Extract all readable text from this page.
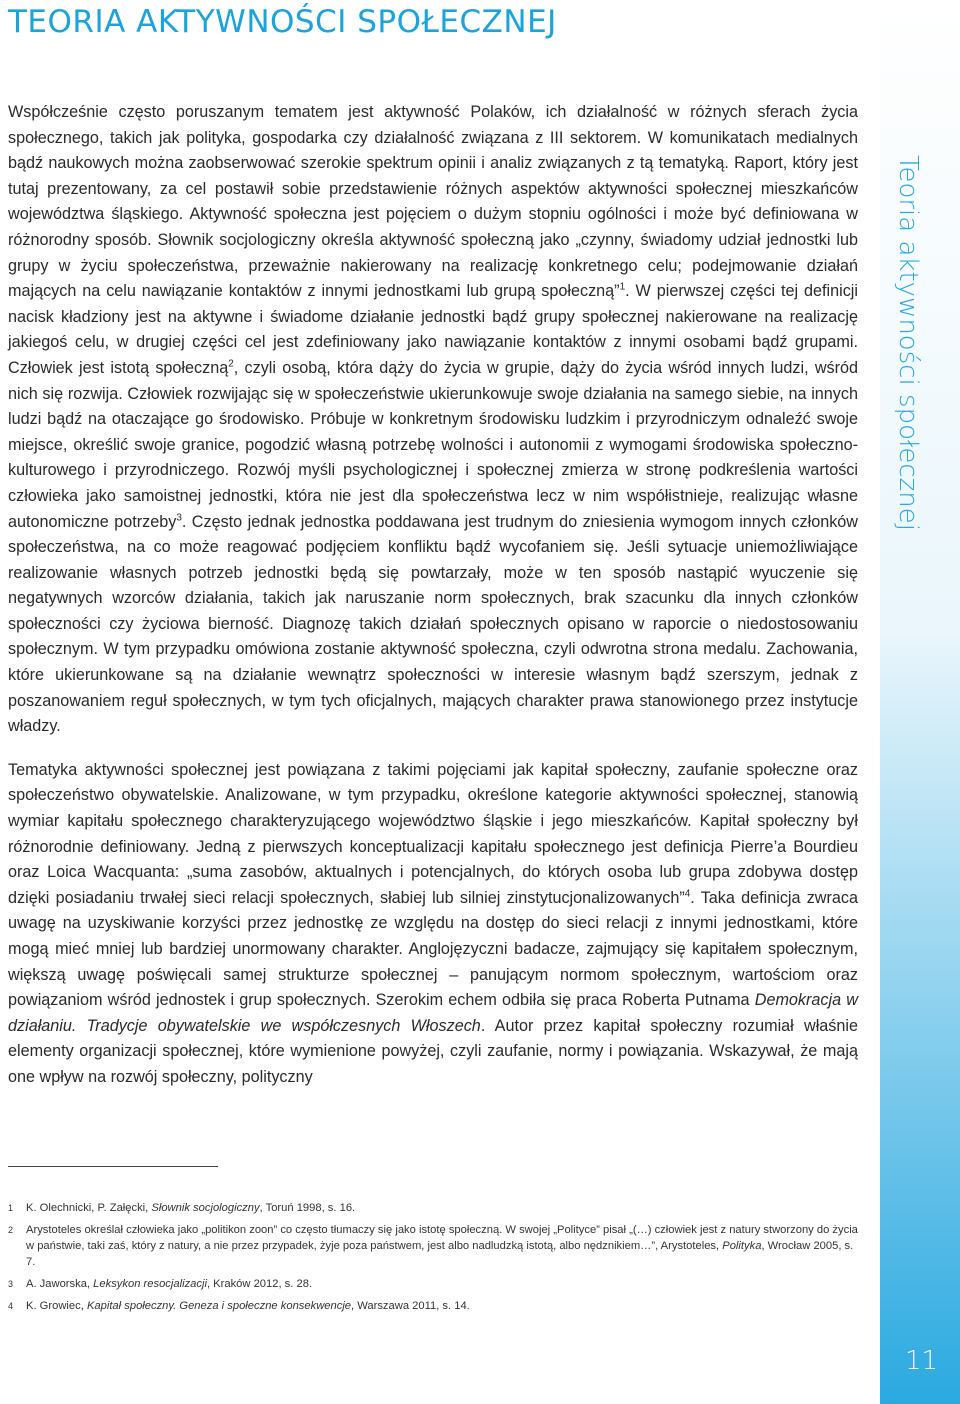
TEORIA AKTYWNOŚCI SPOŁECZNEJ

Współcześnie często poruszanym tematem jest aktywność Polaków, ich działalność w różnych sferach życia społecznego, takich jak polityka, gospodarka czy działalność związana z III sektorem. W komunikatach medialnych bądź naukowych można zaobserwować szerokie spektrum opinii i analiz związanych z tą tematyką. Raport, który jest tutaj prezentowany, za cel postawił sobie przedstawienie różnych aspektów aktywności społecznej mieszkańców województwa śląskiego. Aktywność społeczna jest pojęciem o dużym stopniu ogólności i może być definiowana w różnorodny sposób. Słownik socjologiczny określa aktywność społeczną jako „czynny, świadomy udział jednostki lub grupy w życiu społeczeństwa, przeważnie nakierowany na realizację konkretnego celu; podejmowanie działań mających na celu nawiązanie kontaktów z innymi jednostkami lub grupą społeczną”$^1$. W pierwszej części tej definicji nacisk kładziony jest na aktywne i świadome działanie jednostki bądź grupy społecznej nakierowane na realizację jakiegoś celu, w drugiej części cel jest zdefiniowany jako nawiązanie kontaktów z innymi osobami bądź grupami. Człowiek jest istotą społeczną$^2$, czyli osobą, która dąży do życia w grupie, dąży do życia wśród innych ludzi, wśród nich się rozwija. Człowiek rozwijając się w społeczeństwie ukierunkowuje swoje działania na samego siebie, na innych ludzi bądź na otaczające go środowisko. Próbuje w konkretnym środowisku ludzkim i przyrodniczym odnaleźć swoje miejsce, określić swoje granice, pogodzić własną potrzebę wolności i autonomii z wymogami środowiska społeczno-kulturowego i przyrodniczego. Rozwój myśli psychologicznej i społecznej zmierza w stronę podkreślenia wartości człowieka jako samoistnej jednostki, która nie jest dla społeczeństwa lecz w nim współistnieje, realizując własne autonomiczne potrzeby$^3$. Często jednak jednostka poddawana jest trudnym do zniesienia wymogom innych członków społeczeństwa, na co może reagować podjęciem konfliktu bądź wycofaniem się. Jeśli sytuacje uniemożliwiające realizowanie własnych potrzeb jednostki będą się powtarzały, może w ten sposób nastąpić wyuczenie się negatywnych wzorców działania, takich jak naruszanie norm społecznych, brak szacunku dla innych członków społeczności czy życiowa bierność. Diagnozę takich działań społecznych opisano w raporcie o niedostosowaniu społecznym. W tym przypadku omówiona zostanie aktywność społeczna, czyli odwrotna strona medalu. Zachowania, które ukierunkowane są na działanie wewnątrz społeczności w interesie własnym bądź szerszym, jednak z poszanowaniem reguł społecznych, w tym tych oficjalnych, mających charakter prawa stanowionego przez instytucje władzy.

Tematyka aktywności społecznej jest powiązana z takimi pojęciami jak kapitał społeczny, zaufanie społeczne oraz społeczeństwo obywatelskie. Analizowane, w tym przypadku, określone kategorie aktywności społecznej, stanowią wymiar kapitału społecznego charakteryzującego województwo śląskie i jego mieszkańców. Kapitał społeczny był różnorodnie definiowany. Jedną z pierwszych konceptualizacji kapitału społecznego jest definicja Pierre’a Bourdieu oraz Loica Wacquanta: „suma zasobów, aktualnych i potencjalnych, do których osoba lub grupa zdobywa dostęp dzięki posiadaniu trwałej sieci relacji społecznych, słabiej lub silniej zinstytucjonalizowanych”$^4$. Taka definicja zwraca uwagę na uzyskiwanie korzyści przez jednostkę ze względu na dostęp do sieci relacji z innymi jednostkami, które mogą mieć mniej lub bardziej unormowany charakter. Anglojęzyczni badacze, zajmujący się kapitałem społecznym, większą uwagę poświęcali samej strukturze społecznej – panującym normom społecznym, wartościom oraz powiązaniom wśród jednostek i grup społecznych. Szerokim echem odbiła się praca Roberta Putnama Demokracja w działaniu. Tradycje obywatelskie we współczesnych Włoszech. Autor przez kapitał społeczny rozumiał właśnie elementy organizacji społecznej, które wymienione powyżej, czyli zaufanie, normy i powiązania. Wskazywał, że mają one wpływ na rozwój społeczny, polityczny

Teoria aktywności społecznej
1	K. Olechnicki, P. Załęcki, Słownik socjologiczny, Toruń 1998, s. 16.
2	Arystoteles określał człowieka jako „politikon zoon” co często tłumaczy się jako istotę społeczną. W swojej „Polityce” pisał „(…) człowiek jest z natury stworzony do życia w państwie, taki zaś, który z natury, a nie przez przypadek, żyje poza państwem, jest albo nadludzką istotą, albo nędznikiem…”, Arystoteles, Polityka, Wrocław 2005, s. 7.
3	A. Jaworska, Leksykon resocjalizacji, Kraków 2012, s. 28.
4	K. Growiec, Kapitał społeczny. Geneza i społeczne konsekwencje, Warszawa 2011, s. 14.
11
